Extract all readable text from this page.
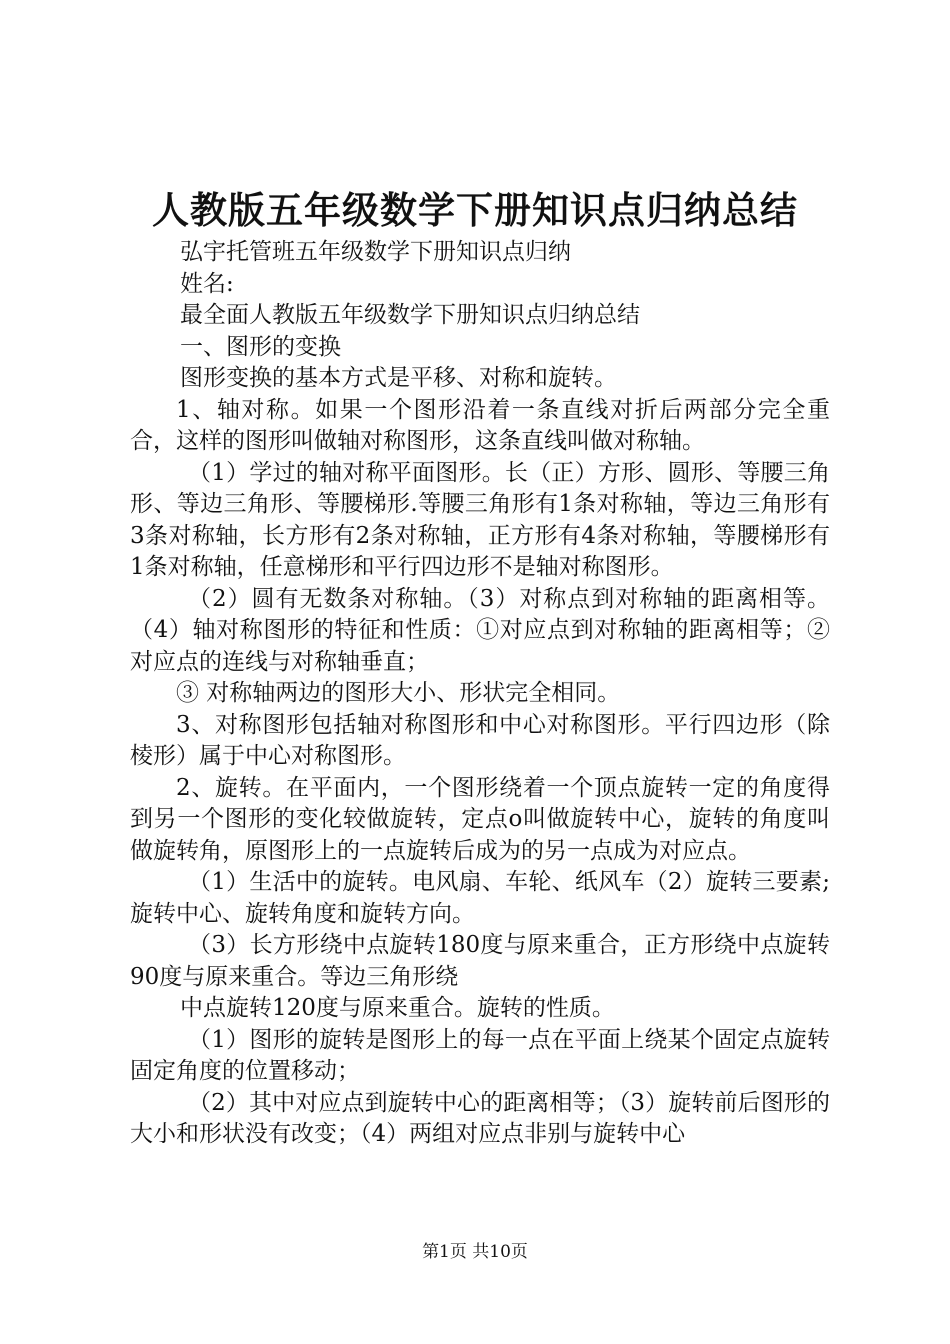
人教版五年级数学下册知识点归纳总结

弘宇托管班五年级数学下册知识点归纳

姓名:

最全面人教版五年级数学下册知识点归纳总结

一、图形的变换

图形变换的基本方式是平移、对称和旋转。

1、轴对称。如果一个图形沿着一条直线对折后两部分完全重合，这样的图形叫做轴对称图形，这条直线叫做对称轴。

（1）学过的轴对称平面图形。长（正）方形、圆形、等腰三角形、等边三角形、等腰梯形.等腰三角形有1条对称轴，等边三角形有3条对称轴，长方形有2条对称轴，正方形有4条对称轴，等腰梯形有1条对称轴，任意梯形和平行四边形不是轴对称图形。

（2）圆有无数条对称轴。（3）对称点到对称轴的距离相等。（4）轴对称图形的特征和性质：①对应点到对称轴的距离相等；②对应点的连线与对称轴垂直；

③ 对称轴两边的图形大小、形状完全相同。

3、对称图形包括轴对称图形和中心对称图形。平行四边形（除棱形）属于中心对称图形。

2、旋转。在平面内，一个图形绕着一个顶点旋转一定的角度得到另一个图形的变化较做旋转，定点o叫做旋转中心，旋转的角度叫做旋转角，原图形上的一点旋转后成为的另一点成为对应点。

（1）生活中的旋转。电风扇、车轮、纸风车（2）旋转三要素;旋转中心、旋转角度和旋转方向。

（3）长方形绕中点旋转180度与原来重合，正方形绕中点旋转90度与原来重合。等边三角形绕

中点旋转120度与原来重合。旋转的性质。

（1）图形的旋转是图形上的每一点在平面上绕某个固定点旋转固定角度的位置移动；

（2）其中对应点到旋转中心的距离相等；（3）旋转前后图形的大小和形状没有改变；（4）两组对应点非别与旋转中心

第1页 共10页
